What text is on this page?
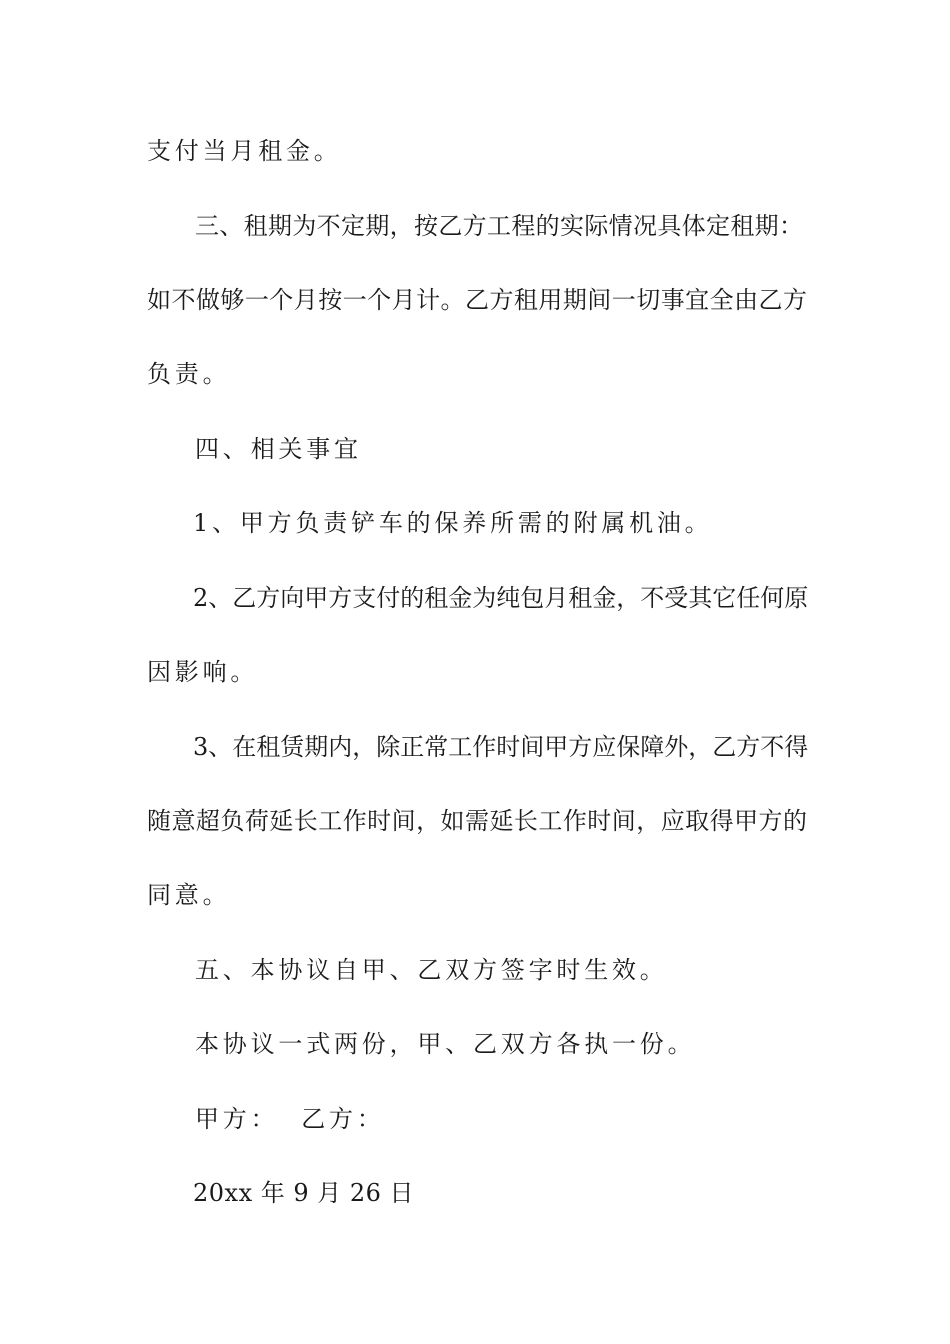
支付当月租金。
三、租期为不定期，按乙方工程的实际情况具体定租期：
如不做够一个月按一个月计。乙方租用期间一切事宜全由乙方
负责。
四、相关事宜
1、甲方负责铲车的保养所需的附属机油。
2、乙方向甲方支付的租金为纯包月租金，不受其它任何原
因影响。
3、在租赁期内，除正常工作时间甲方应保障外，乙方不得
随意超负荷延长工作时间，如需延长工作时间，应取得甲方的
同意。
五、本协议自甲、乙双方签字时生效。
本协议一式两份，甲、乙双方各执一份。
甲方：  乙方：
20xx 年 9 月 26 日
